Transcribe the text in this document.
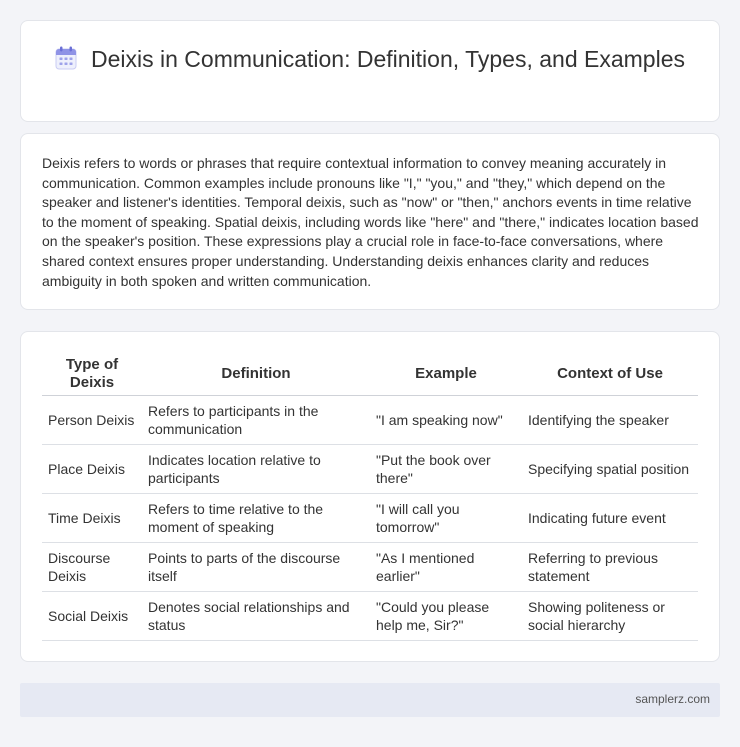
Deixis in Communication: Definition, Types, and Examples

Deixis refers to words or phrases that require contextual information to convey meaning accurately in communication. Common examples include pronouns like "I," "you," and "they," which depend on the speaker and listener's identities. Temporal deixis, such as "now" or "then," anchors events in time relative to the moment of speaking. Spatial deixis, including words like "here" and "there," indicates location based on the speaker's position. These expressions play a crucial role in face-to-face conversations, where shared context ensures proper understanding. Understanding deixis enhances clarity and reduces ambiguity in both spoken and written communication.

Type of Deixis	Definition	Example	Context of Use
Person Deixis	Refers to participants in the communication	"I am speaking now"	Identifying the speaker
Place Deixis	Indicates location relative to participants	"Put the book over there"	Specifying spatial position
Time Deixis	Refers to time relative to the moment of speaking	"I will call you tomorrow"	Indicating future event
Discourse Deixis	Points to parts of the discourse itself	"As I mentioned earlier"	Referring to previous statement
Social Deixis	Denotes social relationships and status	"Could you please help me, Sir?"	Showing politeness or social hierarchy
samplerz.com
